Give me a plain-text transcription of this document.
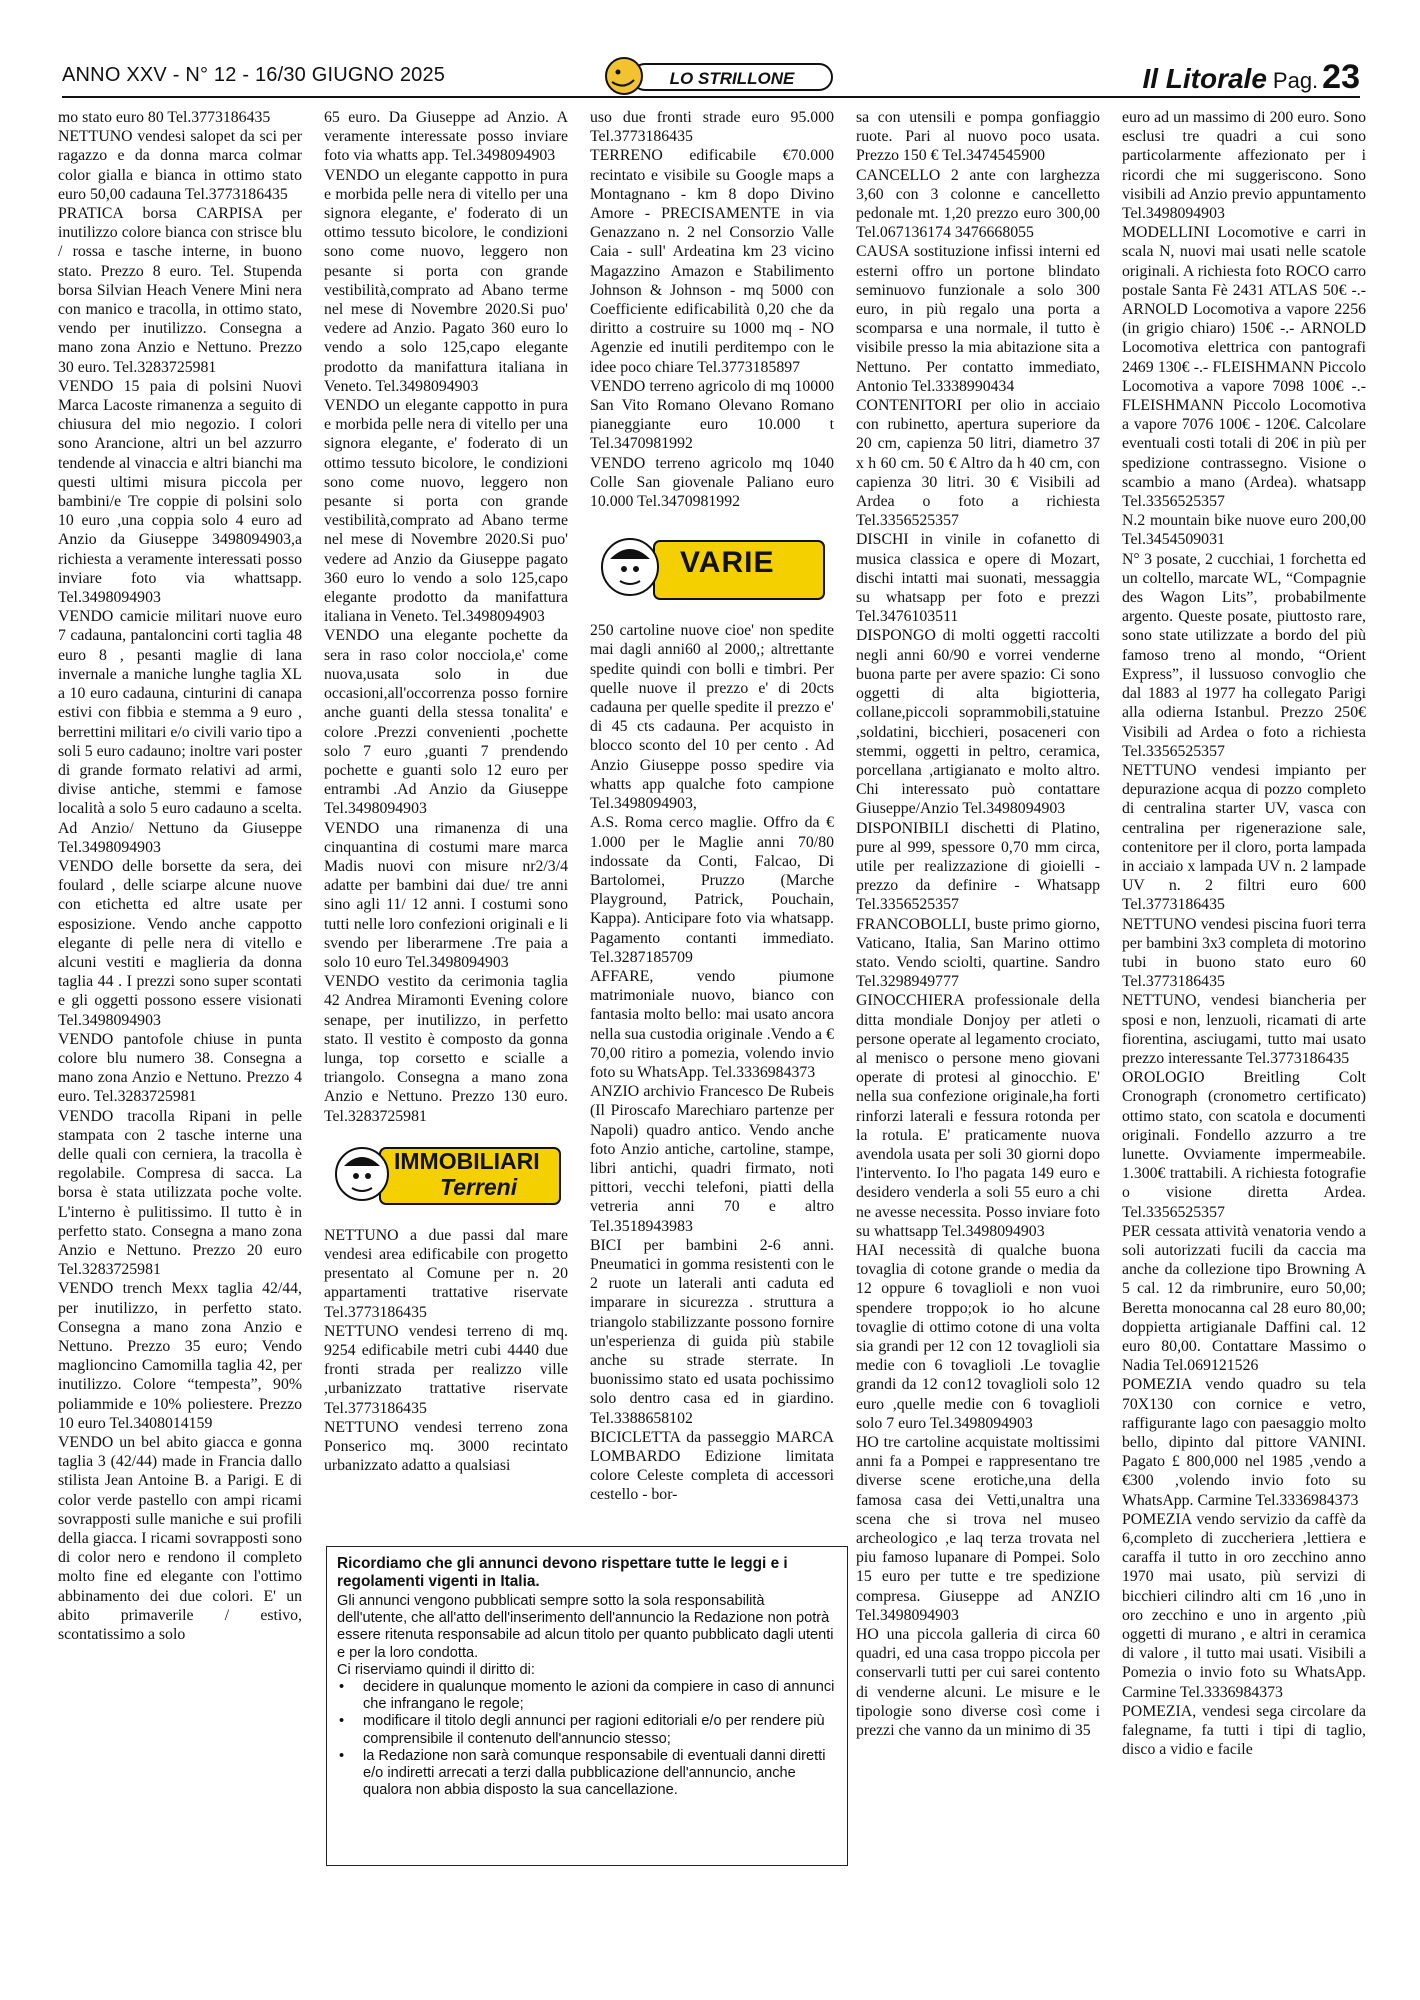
ANNO XXV - N° 12 - 16/30 GIUGNO 2025	LO STRILLONE	Il Litorale Pag. 23

mo stato euro 80 Tel.3773186435

NETTUNO vendesi salopet da sci per ragazzo e da donna marca colmar color gialla e bianca in ottimo stato euro 50,00 cadauna Tel.3773186435

PRATICA borsa CARPISA per inutilizzo colore bianca con strisce blu / rossa e tasche interne, in buono stato. Prezzo 8 euro. Tel. Stupenda borsa Silvian Heach Venere Mini nera con manico e tracolla, in ottimo stato, vendo per inutilizzo. Consegna a mano zona Anzio e Nettuno. Prezzo 30 euro. Tel.3283725981

VENDO 15 paia di polsini Nuovi Marca Lacoste rimanenza a seguito di chiusura del mio negozio. I colori sono Arancione, altri un bel azzurro tendende al vinaccia e altri bianchi ma questi ultimi misura piccola per bambini/e Tre coppie di polsini solo 10 euro ,una coppia solo 4 euro ad Anzio da Giuseppe 3498094903,a richiesta a veramente interessati posso inviare foto via whattsapp. Tel.3498094903

VENDO camicie militari nuove euro 7 cadauna, pantaloncini corti taglia 48 euro 8 , pesanti maglie di lana invernale a maniche lunghe taglia XL a 10 euro cadauna, cinturini di canapa estivi con fibbia e stemma a 9 euro , berrettini militari e/o civili vario tipo a soli 5 euro cadauno; inoltre vari poster di grande formato relativi ad armi, divise antiche, stemmi e famose località a solo 5 euro cadauno a scelta. Ad Anzio/ Nettuno da Giuseppe Tel.3498094903

VENDO delle borsette da sera, dei foulard , delle sciarpe alcune nuove con etichetta ed altre usate per esposizione. Vendo anche cappotto elegante di pelle nera di vitello e alcuni vestiti e maglieria da donna taglia 44 . I prezzi sono super scontati e gli oggetti possono essere visionati Tel.3498094903

VENDO pantofole chiuse in punta colore blu numero 38. Consegna a mano zona Anzio e Nettuno. Prezzo 4 euro. Tel.3283725981

VENDO tracolla Ripani in pelle stampata con 2 tasche interne una delle quali con cerniera, la tracolla è regolabile. Compresa di sacca. La borsa è stata utilizzata poche volte. L'interno è pulitissimo. Il tutto è in perfetto stato. Consegna a mano zona Anzio e Nettuno. Prezzo 20 euro Tel.3283725981

VENDO trench Mexx taglia 42/44, per inutilizzo, in perfetto stato. Consegna a mano zona Anzio e Nettuno. Prezzo 35 euro; Vendo maglioncino Camomilla taglia 42, per inutilizzo. Colore “tempesta”, 90% poliammide e 10% poliestere. Prezzo 10 euro Tel.3408014159

VENDO un bel abito giacca e gonna taglia 3 (42/44) made in Francia dallo stilista Jean Antoine B. a Parigi. E di color verde pastello con ampi ricami sovrapposti sulle maniche e sui profili della giacca. I ricami sovrapposti sono di color nero e rendono il completo molto fine ed elegante con l'ottimo abbinamento dei due colori. E' un abito primaverile / estivo, scontatissimo a solo

65 euro. Da Giuseppe ad Anzio. A veramente interessate posso inviare foto via whatts app. Tel.3498094903

VENDO un elegante cappotto in pura e morbida pelle nera di vitello per una signora elegante, e' foderato di un ottimo tessuto bicolore, le condizioni sono come nuovo, leggero non pesante si porta con grande vestibilità,comprato ad Abano terme nel mese di Novembre 2020.Si puo' vedere ad Anzio. Pagato 360 euro lo vendo a solo 125,capo elegante prodotto da manifattura italiana in Veneto. Tel.3498094903

VENDO un elegante cappotto in pura e morbida pelle nera di vitello per una signora elegante, e' foderato di un ottimo tessuto bicolore, le condizioni sono come nuovo, leggero non pesante si porta con grande vestibilità,comprato ad Abano terme nel mese di Novembre 2020.Si puo' vedere ad Anzio da Giuseppe pagato 360 euro lo vendo a solo 125,capo elegante prodotto da manifattura italiana in Veneto. Tel.3498094903

VENDO una elegante pochette da sera in raso color nocciola,e' come nuova,usata solo in due occasioni,all'occorrenza posso fornire anche guanti della stessa tonalita' e colore .Prezzi convenienti ,pochette solo 7 euro ,guanti 7 prendendo pochette e guanti solo 12 euro per entrambi .Ad Anzio da Giuseppe Tel.3498094903

VENDO una rimanenza di una cinquantina di costumi mare marca Madis nuovi con misure nr2/3/4 adatte per bambini dai due/ tre anni sino agli 11/ 12 anni. I costumi sono tutti nelle loro confezioni originali e li svendo per liberarmene .Tre paia a solo 10 euro Tel.3498094903

VENDO vestito da cerimonia taglia 42 Andrea Miramonti Evening colore senape, per inutilizzo, in perfetto stato. Il vestito è composto da gonna lunga, top corsetto e scialle a triangolo. Consegna a mano zona Anzio e Nettuno. Prezzo 130 euro. Tel.3283725981

IMMOBILIARI
Terreni

NETTUNO a due passi dal mare vendesi area edificabile con progetto presentato al Comune per n. 20 appartamenti trattative riservate Tel.3773186435

NETTUNO vendesi terreno di mq. 9254 edificabile metri cubi 4440 due fronti strada per realizzo ville ,urbanizzato trattative riservate Tel.3773186435

NETTUNO vendesi terreno zona Ponserico mq. 3000 recintato urbanizzato adatto a qualsiasi

uso due fronti strade euro 95.000 Tel.3773186435

TERRENO edificabile €70.000 recintato e visibile su Google maps a Montagnano - km 8 dopo Divino Amore - PRECISAMENTE in via Genazzano n. 2 nel Consorzio Valle Caia - sull' Ardeatina km 23 vicino Magazzino Amazon e Stabilimento Johnson & Johnson - mq 5000 con Coefficiente edificabilità 0,20 che da diritto a costruire su 1000 mq - NO Agenzie ed inutili perditempo con le idee poco chiare Tel.3773185897

VENDO terreno agricolo di mq 10000 San Vito Romano Olevano Romano pianeggiante euro 10.000 t Tel.3470981992

VENDO terreno agricolo mq 1040 Colle San giovenale Paliano euro 10.000 Tel.3470981992

VARIE

250 cartoline nuove cioe' non spedite mai dagli anni60 al 2000,; altrettante spedite quindi con bolli e timbri. Per quelle nuove il prezzo e' di 20cts cadauna per quelle spedite il prezzo e' di 45 cts cadauna. Per acquisto in blocco sconto del 10 per cento . Ad Anzio Giuseppe posso spedire via whatts app qualche foto campione Tel.3498094903,

A.S. Roma cerco maglie. Offro da € 1.000 per le Maglie anni 70/80 indossate da Conti, Falcao, Di Bartolomei, Pruzzo (Marche Playground, Patrick, Pouchain, Kappa). Anticipare foto via whatsapp. Pagamento contanti immediato. Tel.3287185709

AFFARE, vendo piumone matrimoniale nuovo, bianco con fantasia molto bello: mai usato ancora nella sua custodia originale .Vendo a € 70,00 ritiro a pomezia, volendo invio foto su WhatsApp. Tel.3336984373

ANZIO archivio Francesco De Rubeis (Il Piroscafo Marechiaro partenze per Napoli) quadro antico. Vendo anche foto Anzio antiche, cartoline, stampe, libri antichi, quadri firmato, noti pittori, vecchi telefoni, piatti della vetreria anni 70 e altro Tel.3518943983

BICI per bambini 2-6 anni. Pneumatici in gomma resistenti con le 2 ruote un laterali anti caduta ed imparare in sicurezza . struttura a triangolo stabilizzante possono fornire un'esperienza di guida più stabile anche su strade sterrate. In buonissimo stato ed usata pochissimo solo dentro casa ed in giardino. Tel.3388658102

BICICLETTA da passeggio MARCA LOMBARDO Edizione limitata colore Celeste completa di accessori cestello - bor-

Ricordiamo che gli annunci devono rispettare tutte le leggi e i regolamenti vigenti in Italia.
Gli annunci vengono pubblicati sempre sotto la sola responsabilità dell'utente, che all'atto dell'inserimento dell'annuncio la Redazione non potrà essere ritenuta responsabile ad alcun titolo per quanto pubblicato dagli utenti e per la loro condotta.
Ci riserviamo quindi il diritto di:
• decidere in qualunque momento le azioni da compiere in caso di annunci che infrangano le regole;
• modificare il titolo degli annunci per ragioni editoriali e/o per rendere più comprensibile il contenuto dell'annuncio stesso;
• la Redazione non sarà comunque responsabile di eventuali danni diretti e/o indiretti arrecati a terzi dalla pubblicazione dell'annuncio, anche qualora non abbia disposto la sua cancellazione.

sa con utensili e pompa gonfiaggio ruote. Pari al nuovo poco usata. Prezzo 150 € Tel.3474545900

CANCELLO 2 ante con larghezza 3,60 con 3 colonne e cancelletto pedonale mt. 1,20 prezzo euro 300,00 Tel.067136174 3476668055

CAUSA sostituzione infissi interni ed esterni offro un portone blindato seminuovo funzionale a solo 300 euro, in più regalo una porta a scomparsa e una normale, il tutto è visibile presso la mia abitazione sita a Nettuno. Per contatto immediato, Antonio Tel.3338990434

CONTENITORI per olio in acciaio con rubinetto, apertura superiore da 20 cm, capienza 50 litri, diametro 37 x h 60 cm. 50 € Altro da h 40 cm, con capienza 30 litri. 30 € Visibili ad Ardea o foto a richiesta Tel.3356525357

DISCHI in vinile in cofanetto di musica classica e opere di Mozart, dischi intatti mai suonati, messaggia su whatsapp per foto e prezzi Tel.3476103511

DISPONGO di molti oggetti raccolti negli anni 60/90 e vorrei venderne buona parte per avere spazio: Ci sono oggetti di alta bigiotteria, collane,piccoli soprammobili,statuine ,soldatini, bicchieri, posaceneri con stemmi, oggetti in peltro, ceramica, porcellana ,artigianato e molto altro. Chi interessato può contattare Giuseppe/Anzio Tel.3498094903

DISPONIBILI dischetti di Platino, pure al 999, spessore 0,70 mm circa, utile per realizzazione di gioielli - prezzo da definire - Whatsapp Tel.3356525357

FRANCOBOLLI, buste primo giorno, Vaticano, Italia, San Marino ottimo stato. Vendo sciolti, quartine. Sandro Tel.3298949777

GINOCCHIERA professionale della ditta mondiale Donjoy per atleti o persone operate al legamento crociato, al menisco o persone meno giovani operate di protesi al ginocchio. E' nella sua confezione originale,ha forti rinforzi laterali e fessura rotonda per la rotula. E' praticamente nuova avendola usata per soli 30 giorni dopo l'intervento. Io l'ho pagata 149 euro e desidero venderla a soli 55 euro a chi ne avesse necessita. Posso inviare foto su whattsapp Tel.3498094903

HAI necessità di qualche buona tovaglia di cotone grande o media da 12 oppure 6 tovaglioli e non vuoi spendere troppo;ok io ho alcune tovaglie di ottimo cotone di una volta sia grandi per 12 con 12 tovaglioli sia medie con 6 tovaglioli .Le tovaglie grandi da 12 con12 tovaglioli solo 12 euro ,quelle medie con 6 tovaglioli solo 7 euro Tel.3498094903

HO tre cartoline acquistate moltissimi anni fa a Pompei e rappresentano tre diverse scene erotiche,una della famosa casa dei Vetti,unaltra una scena che si trova nel museo archeologico ,e laq terza trovata nel piu famoso lupanare di Pompei. Solo 15 euro per tutte e tre spedizione compresa. Giuseppe ad ANZIO Tel.3498094903

HO una piccola galleria di circa 60 quadri, ed una casa troppo piccola per conservarli tutti per cui sarei contento di venderne alcuni. Le misure e le tipologie sono diverse così come i prezzi che vanno da un minimo di 35

euro ad un massimo di 200 euro. Sono esclusi tre quadri a cui sono particolarmente affezionato per i ricordi che mi suggeriscono. Sono visibili ad Anzio previo appuntamento Tel.3498094903

MODELLINI Locomotive e carri in scala N, nuovi mai usati nelle scatole originali. A richiesta foto ROCO carro postale Santa Fè 2431 ATLAS 50€ -.- ARNOLD Locomotiva a vapore 2256 (in grigio chiaro) 150€ -.- ARNOLD Locomotiva elettrica con pantografi 2469 130€ -.- FLEISHMANN Piccolo Locomotiva a vapore 7098 100€ -.- FLEISHMANN Piccolo Locomotiva a vapore 7076 100€ - 120€. Calcolare eventuali costi totali di 20€ in più per spedizione contrassegno. Visione o scambio a mano (Ardea). whatsapp Tel.3356525357

N.2 mountain bike nuove euro 200,00 Tel.3454509031

N° 3 posate, 2 cucchiai, 1 forchetta ed un coltello, marcate WL, “Compagnie des Wagon Lits”, probabilmente argento. Queste posate, piuttosto rare, sono state utilizzate a bordo del più famoso treno al mondo, “Orient Express”, il lussuoso convoglio che dal 1883 al 1977 ha collegato Parigi alla odierna Istanbul. Prezzo 250€ Visibili ad Ardea o foto a richiesta Tel.3356525357

NETTUNO vendesi impianto per depurazione acqua di pozzo completo di centralina starter UV, vasca con centralina per rigenerazione sale, contenitore per il cloro, porta lampada in acciaio x lampada UV n. 2 lampade UV n. 2 filtri euro 600 Tel.3773186435

NETTUNO vendesi piscina fuori terra per bambini 3x3 completa di motorino tubi in buono stato euro 60 Tel.3773186435

NETTUNO, vendesi biancheria per sposi e non, lenzuoli, ricamati di arte fiorentina, asciugami, tutto mai usato prezzo interessante Tel.3773186435

OROLOGIO Breitling Colt Cronograph (cronometro certificato) ottimo stato, con scatola e documenti originali. Fondello azzurro a tre lunette. Ovviamente impermeabile. 1.300€ trattabili. A richiesta fotografie o visione diretta Ardea. Tel.3356525357

PER cessata attività venatoria vendo a soli autorizzati fucili da caccia ma anche da collezione tipo Browning A 5 cal. 12 da rimbrunire, euro 50,00; Beretta monocanna cal 28 euro 80,00; doppietta artigianale Daffini cal. 12 euro 80,00. Contattare Massimo o Nadia Tel.069121526

POMEZIA vendo quadro su tela 70X130 con cornice e vetro, raffigurante lago con paesaggio molto bello, dipinto dal pittore VANINI. Pagato £ 800,000 nel 1985 ,vendo a €300 ,volendo invio foto su WhatsApp. Carmine Tel.3336984373

POMEZIA vendo servizio da caffè da 6,completo di zuccheriera ,lettiera e caraffa il tutto in oro zecchino anno 1970 mai usato, più servizi di bicchieri cilindro alti cm 16 ,uno in oro zecchino e uno in argento ,più oggetti di murano , e altri in ceramica di valore , il tutto mai usati. Visibili a Pomezia o invio foto su WhatsApp. Carmine Tel.3336984373

POMEZIA, vendesi sega circolare da falegname, fa tutti i tipi di taglio, disco a vidio e facile
